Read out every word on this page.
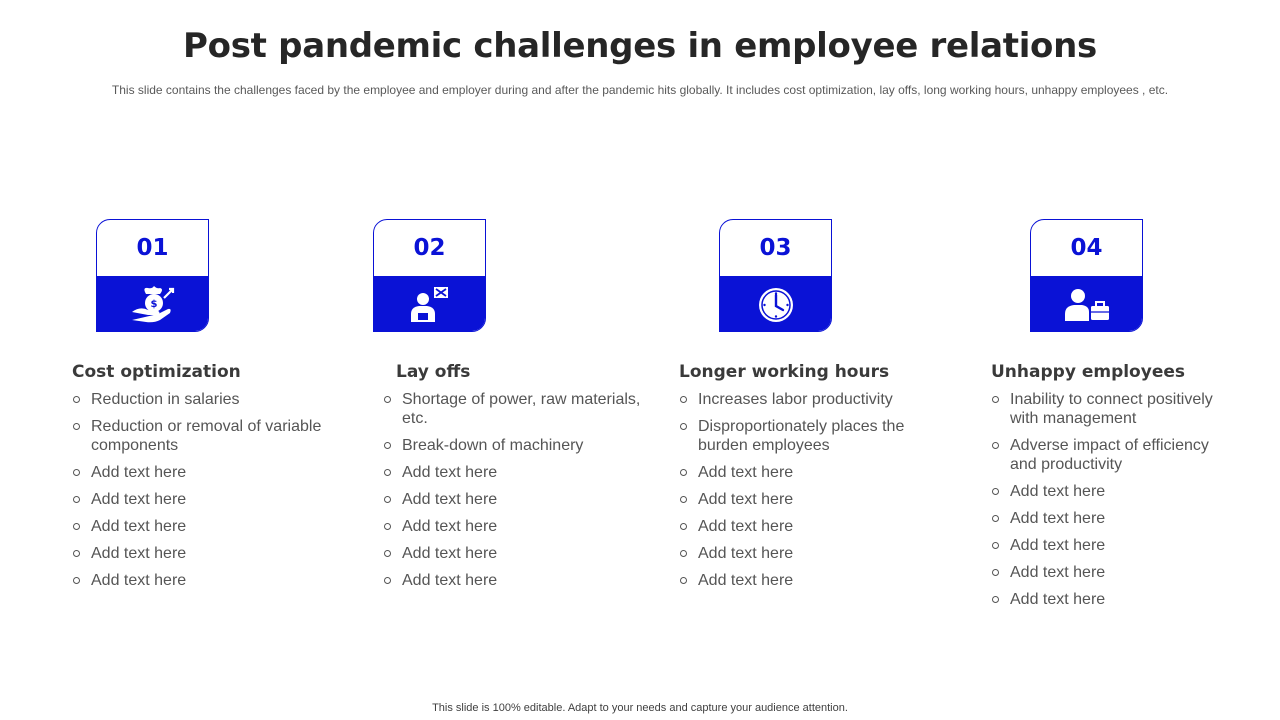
Post pandemic challenges in employee relations
This slide contains the challenges faced by the employee and employer during and after the pandemic hits globally. It includes cost optimization, lay offs, long working hours, unhappy employees , etc.
01
$
Cost optimization
Reduction in salaries
Reduction or removal of variable components
Add text here
Add text here
Add text here
Add text here
Add text here
02
Lay offs
Shortage of power, raw materials, etc.
Break-down of machinery
Add text here
Add text here
Add text here
Add text here
Add text here
03
Longer working hours
Increases labor productivity
Disproportionately places the burden employees
Add text here
Add text here
Add text here
Add text here
Add text here
04
Unhappy employees
Inability to connect positively with management
Adverse impact of efficiency and productivity
Add text here
Add text here
Add text here
Add text here
Add text here
This slide is 100% editable. Adapt to your needs and capture your audience attention.
